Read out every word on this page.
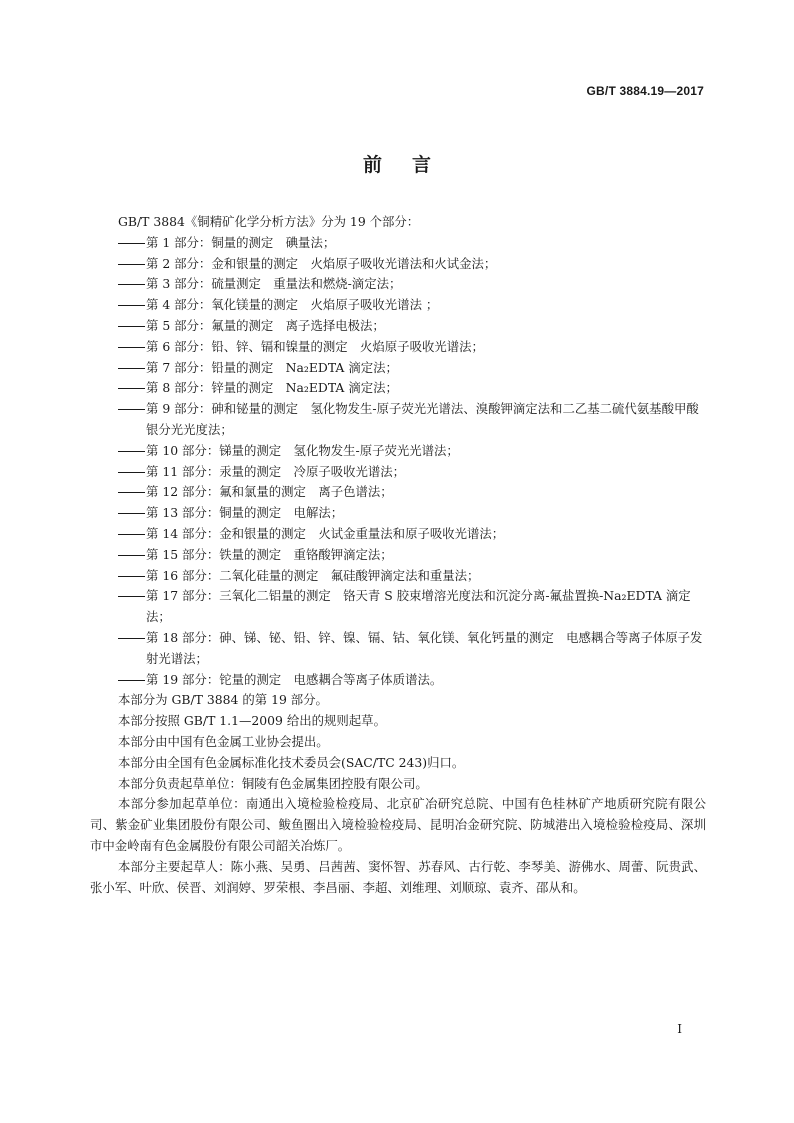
GB/T 3884.19—2017
前言

GB/T 3884《铜精矿化学分析方法》分为 19 个部分：

第 1 部分：铜量的测定　碘量法；

第 2 部分：金和银量的测定　火焰原子吸收光谱法和火试金法；

第 3 部分：硫量测定　重量法和燃烧-滴定法；

第 4 部分：氧化镁量的测定　火焰原子吸收光谱法 ；

第 5 部分：氟量的测定　离子选择电极法；

第 6 部分：铅、锌、镉和镍量的测定　火焰原子吸收光谱法；

第 7 部分：铅量的测定　Na₂EDTA 滴定法；

第 8 部分：锌量的测定　Na₂EDTA 滴定法；

第 9 部分：砷和铋量的测定　氢化物发生-原子荧光光谱法、溴酸钾滴定法和二乙基二硫代氨基酸甲酸银分光光度法；

第 10 部分：锑量的测定　氢化物发生-原子荧光光谱法；

第 11 部分：汞量的测定　冷原子吸收光谱法；

第 12 部分：氟和氯量的测定　离子色谱法；

第 13 部分：铜量的测定　电解法；

第 14 部分：金和银量的测定　火试金重量法和原子吸收光谱法；

第 15 部分：铁量的测定　重铬酸钾滴定法；

第 16 部分：二氧化硅量的测定　氟硅酸钾滴定法和重量法；

第 17 部分：三氧化二铝量的测定　铬天青 S 胶束增溶光度法和沉淀分离-氟盐置换-Na₂EDTA 滴定法；

第 18 部分：砷、锑、铋、铅、锌、镍、镉、钴、氧化镁、氧化钙量的测定　电感耦合等离子体原子发射光谱法；

第 19 部分：铊量的测定　电感耦合等离子体质谱法。

本部分为 GB/T 3884 的第 19 部分。

本部分按照 GB/T 1.1—2009 给出的规则起草。

本部分由中国有色金属工业协会提出。

本部分由全国有色金属标准化技术委员会(SAC/TC 243)归口。

本部分负责起草单位：铜陵有色金属集团控股有限公司。

本部分参加起草单位：南通出入境检验检疫局、北京矿冶研究总院、中国有色桂林矿产地质研究院有限公司、紫金矿业集团股份有限公司、鲅鱼圈出入境检验检疫局、昆明冶金研究院、防城港出入境检验检疫局、深圳市中金岭南有色金属股份有限公司韶关冶炼厂。

本部分主要起草人：陈小燕、吴勇、吕茜茜、窦怀智、苏春风、古行乾、李琴美、游佛水、周蕾、阮贵武、张小军、叶欣、侯晋、刘润婷、罗荣根、李昌丽、李超、刘维理、刘顺琼、袁齐、邵从和。

I
